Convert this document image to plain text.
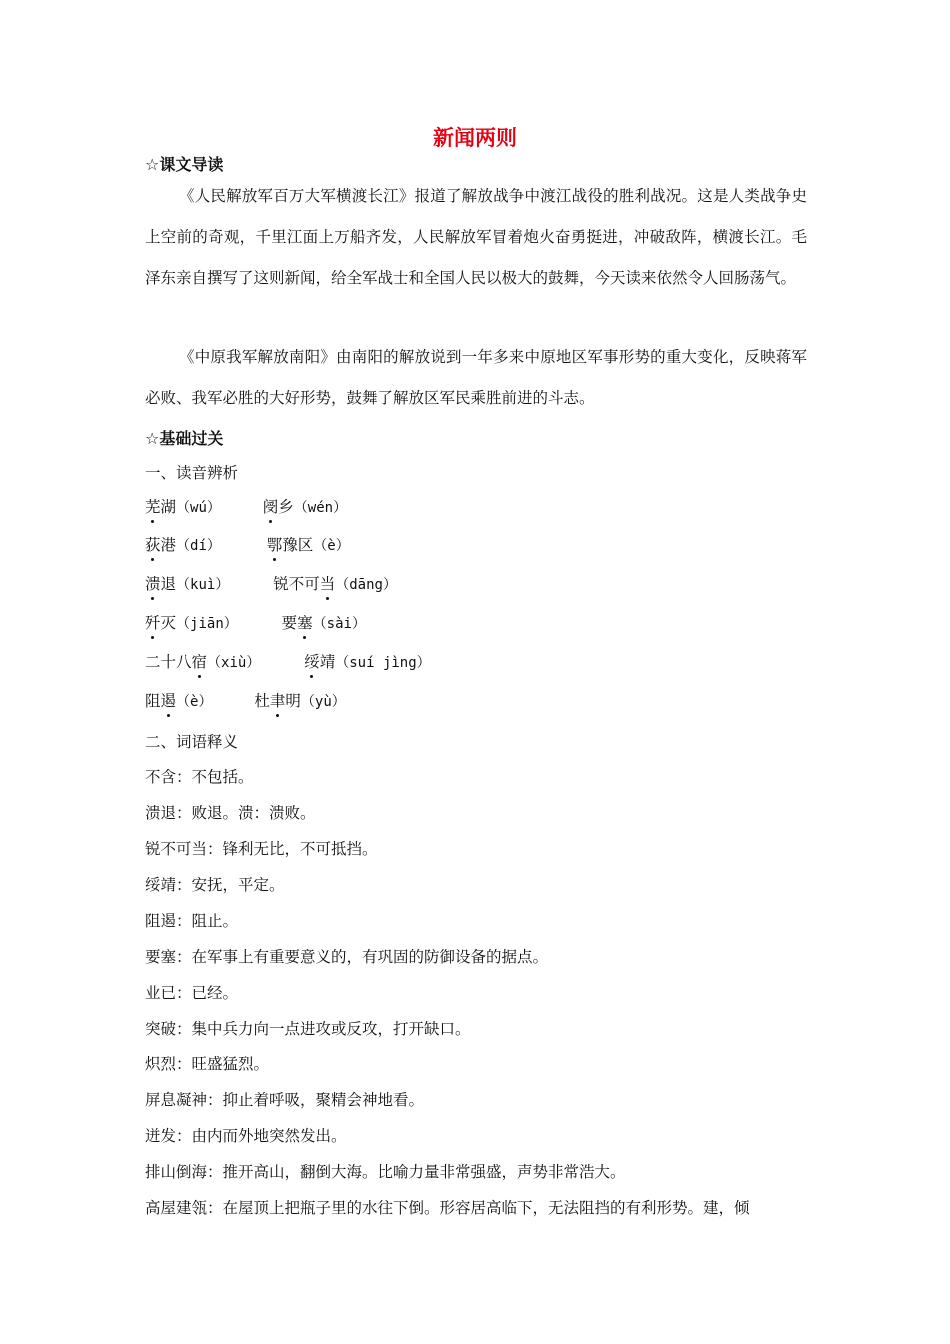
新闻两则
☆课文导读

《人民解放军百万大军横渡长江》报道了解放战争中渡江战役的胜利战况。这是人类战争史上空前的奇观，千里江面上万船齐发，人民解放军冒着炮火奋勇挺进，冲破敌阵，横渡长江。毛泽东亲自撰写了这则新闻，给全军战士和全国人民以极大的鼓舞，今天读来依然令人回肠荡气。

《中原我军解放南阳》由南阳的解放说到一年多来中原地区军事形势的重大变化，反映蒋军必败、我军必胜的大好形势，鼓舞了解放区军民乘胜前进的斗志。

☆基础过关
一、读音辨析
芜湖（wú）	阌乡（wén）
荻港（dí）	鄂豫区（è）
溃退（kuì）	锐不可当（dāng）
歼灭（jiān）	要塞（sài）
二十八宿（xiù）	绥靖（suí jìng）
阻遏（è）	杜聿明（yù）
二、词语释义
不含：不包括。
溃退：败退。溃：溃败。
锐不可当：锋利无比，不可抵挡。
绥靖：安抚，平定。
阻遏：阻止。
要塞：在军事上有重要意义的，有巩固的防御设备的据点。
业已：已经。
突破：集中兵力向一点进攻或反攻，打开缺口。
炽烈：旺盛猛烈。
屏息凝神：抑止着呼吸，聚精会神地看。
迸发：由内而外地突然发出。
排山倒海：推开高山，翻倒大海。比喻力量非常强盛，声势非常浩大。
高屋建瓴：在屋顶上把瓶子里的水往下倒。形容居高临下，无法阻挡的有利形势。建，倾
